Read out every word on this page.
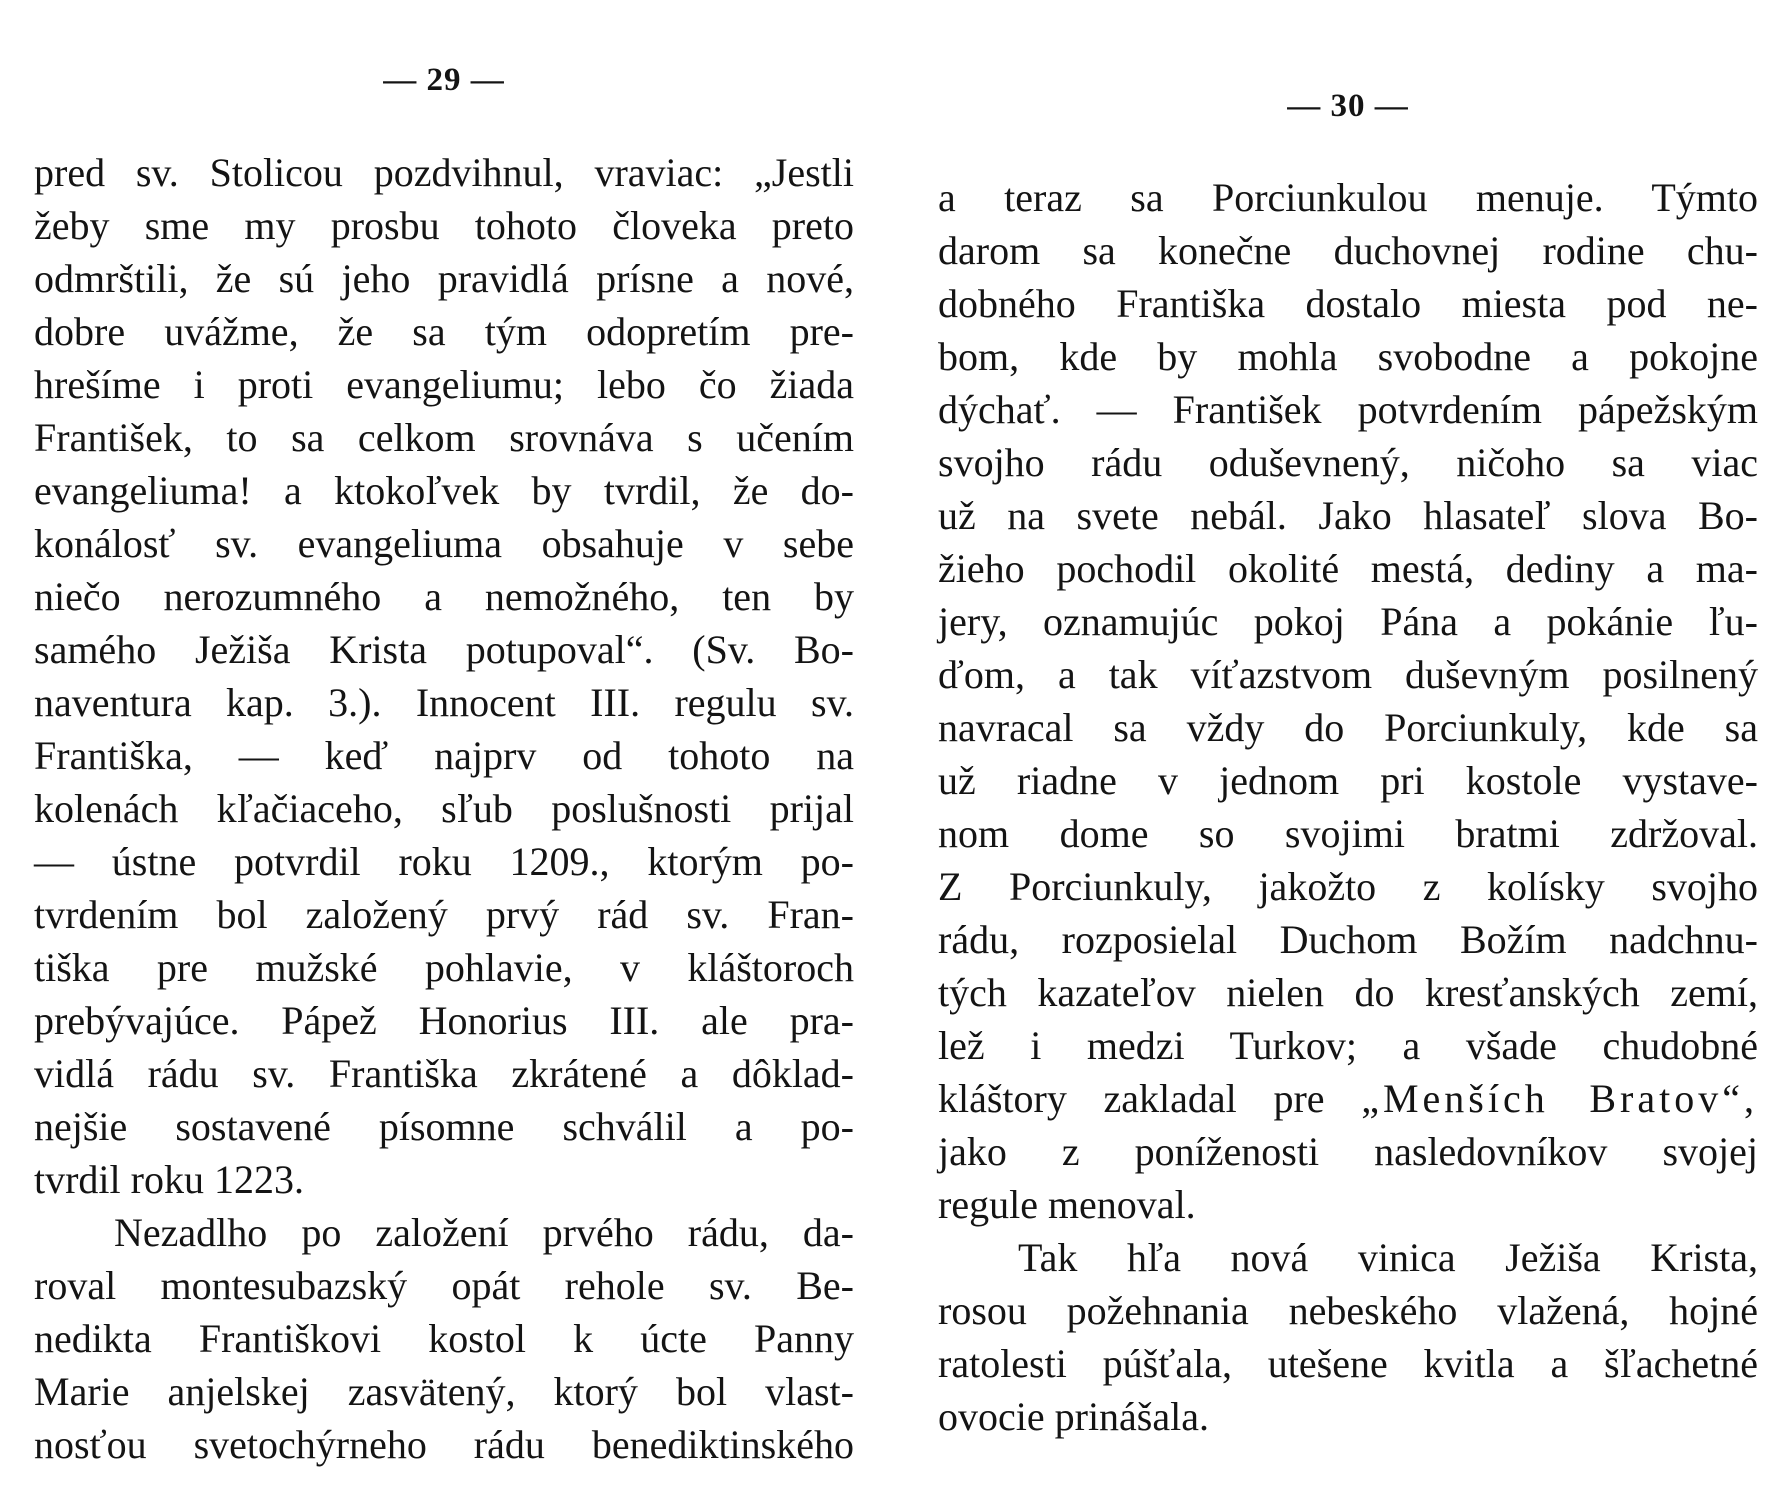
— 29 —
pred sv. Stolicou pozdvihnul, vraviac: „Jestli
žeby sme my prosbu tohoto človeka preto
odmrštili, že sú jeho pravidlá prísne a nové,
dobre uvážme, že sa tým odopretím pre-
hrešíme i proti evangeliumu; lebo čo žiada
František, to sa celkom srovnáva s učením
evangeliuma! a ktokoľvek by tvrdil, že do-
konálosť sv. evangeliuma obsahuje v sebe
niečo nerozumného a nemožného, ten by
samého Ježiša Krista potupoval“. (Sv. Bo-
naventura kap. 3.). Innocent III. regulu sv.
Františka, — keď najprv od tohoto na
kolenách kľačiaceho, sľub poslušnosti prijal
— ústne potvrdil roku 1209., ktorým po-
tvrdením bol založený prvý rád sv. Fran-
tiška pre mužské pohlavie, v kláštoroch
prebývajúce. Pápež Honorius III. ale pra-
vidlá rádu sv. Františka zkrátené a dôklad-
nejšie sostavené písomne schválil a po-
tvrdil roku 1223.
Nezadlho po založení prvého rádu, da-
roval montesubazský opát rehole sv. Be-
nedikta Františkovi kostol k úcte Panny
Marie anjelskej zasvätený, ktorý bol vlast-
nosťou svetochýrneho rádu benediktinského
— 30 —
a teraz sa Porciunkulou menuje. Týmto
darom sa konečne duchovnej rodine chu-
dobného Františka dostalo miesta pod ne-
bom, kde by mohla svobodne a pokojne
dýchať. — František potvrdením pápežským
svojho rádu oduševnený, ničoho sa viac
už na svete nebál. Jako hlasateľ slova Bo-
žieho pochodil okolité mestá, dediny a ma-
jery, oznamujúc pokoj Pána a pokánie ľu-
ďom, a tak víťazstvom duševným posilnený
navracal sa vždy do Porciunkuly, kde sa
už riadne v jednom pri kostole vystave-
nom dome so svojimi bratmi zdržoval.
Z Porciunkuly, jakožto z kolísky svojho
rádu, rozposielal Duchom Božím nadchnu-
tých kazateľov nielen do kresťanských zemí,
lež i medzi Turkov; a všade chudobné
kláštory zakladal pre „Menších Bratov“,
jako z poníženosti nasledovníkov svojej
regule menoval.
Tak hľa nová vinica Ježiša Krista,
rosou požehnania nebeského vlažená, hojné
ratolesti púšťala, utešene kvitla a šľachetné
ovocie prinášala.
